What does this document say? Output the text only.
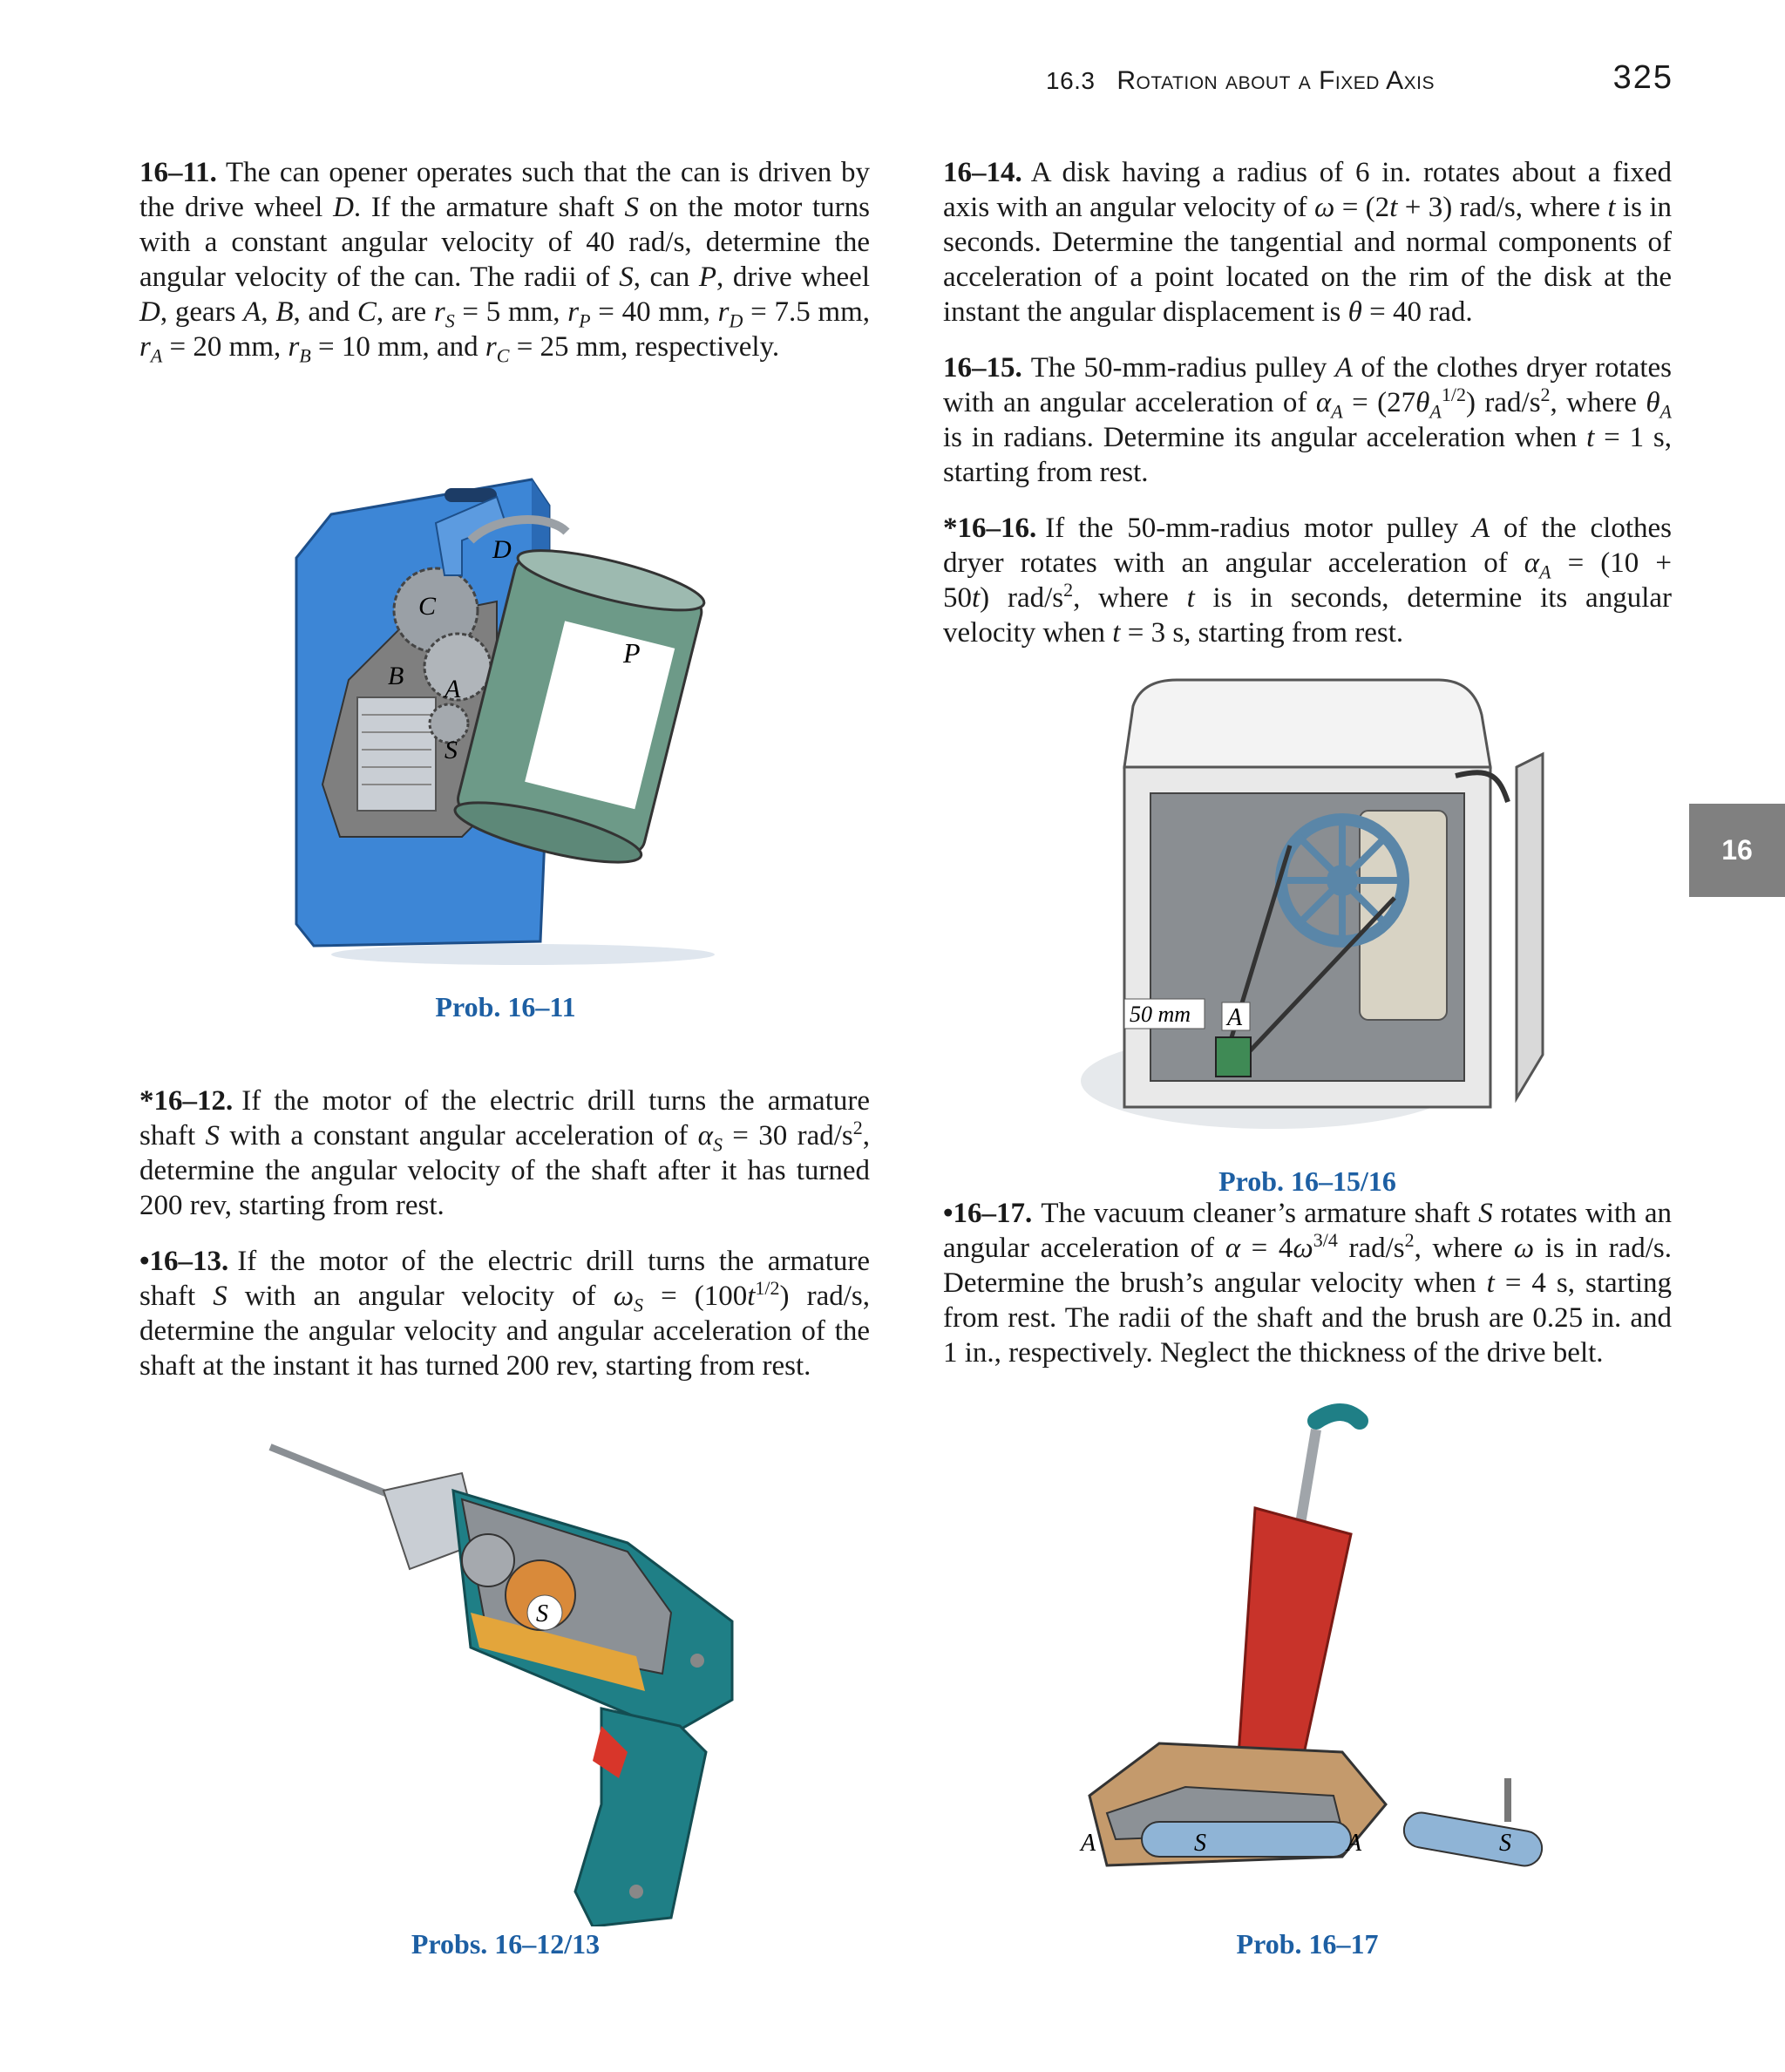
16.3 Rotation about a Fixed Axis	325
16

16–11. The can opener operates such that the can is driven by the drive wheel D. If the armature shaft S on the motor turns with a constant angular velocity of 40 rad/s, determine the angular velocity of the can. The radii of S, can P, drive wheel D, gears A, B, and C, are $r_S = 5$ mm, $r_P = 40$ mm, $r_D = 7.5$ mm, $r_A = 20$ mm, $r_B = 10$ mm, and $r_C = 25$ mm, respectively.

D
C
B A
S
P
Prob. 16–11

*16–12. If the motor of the electric drill turns the armature shaft S with a constant angular acceleration of $\alpha_S = 30$ rad/$s^2$, determine the angular velocity of the shaft after it has turned 200 rev, starting from rest.

•16–13. If the motor of the electric drill turns the armature shaft S with an angular velocity of $\omega_S = (100t^{1/2})$ rad/s, determine the angular velocity and angular acceleration of the shaft at the instant it has turned 200 rev, starting from rest.

S
Probs. 16–12/13

16–14. A disk having a radius of 6 in. rotates about a fixed axis with an angular velocity of ω = (2t + 3) rad/s, where t is in seconds. Determine the tangential and normal components of acceleration of a point located on the rim of the disk at the instant the angular displacement is θ = 40 rad.

16–15. The 50-mm-radius pulley A of the clothes dryer rotates with an angular acceleration of $\alpha_A = (27\theta_A^{1/2})$ rad/$s^2$, where $\theta_A$ is in radians. Determine its angular acceleration when t = 1 s, starting from rest.

*16–16. If the 50-mm-radius motor pulley A of the clothes dryer rotates with an angular acceleration of $\alpha_A = (10 + 50t)$ rad/$s^2$, where t is in seconds, determine its angular velocity when t = 3 s, starting from rest.

50 mm A
Prob. 16–15/16

•16–17. The vacuum cleaner’s armature shaft S rotates with an angular acceleration of $\alpha = 4\omega^{3/4}$ rad/$s^2$, where ω is in rad/s. Determine the brush’s angular velocity when t = 4 s, starting from rest. The radii of the shaft and the brush are 0.25 in. and 1 in., respectively. Neglect the thickness of the drive belt.

A	S	A	S
Prob. 16–17
